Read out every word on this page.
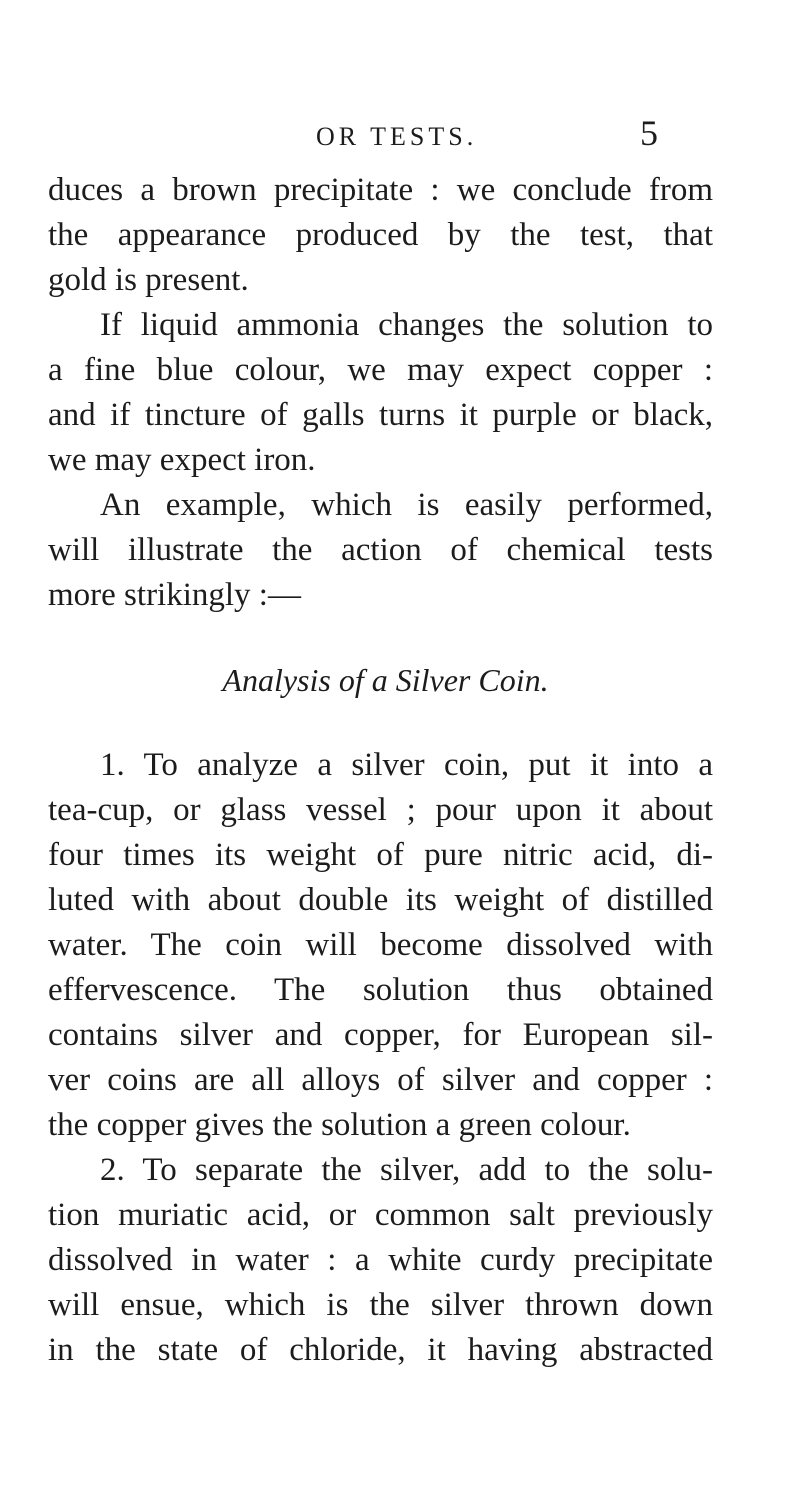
OR TESTS.	5
duces a brown precipitate : we conclude from
the appearance produced by the test, that
gold is present.
If liquid ammonia changes the solution to
a fine blue colour, we may expect copper :
and if tincture of galls turns it purple or black,
we may expect iron.
An example, which is easily performed,
will illustrate the action of chemical tests
more strikingly :—
Analysis of a Silver Coin.
1. To analyze a silver coin, put it into a
tea-cup, or glass vessel ; pour upon it about
four times its weight of pure nitric acid, di-
luted with about double its weight of distilled
water. The coin will become dissolved with
effervescence. The solution thus obtained
contains silver and copper, for European sil-
ver coins are all alloys of silver and copper :
the copper gives the solution a green colour.
2. To separate the silver, add to the solu-
tion muriatic acid, or common salt previously
dissolved in water : a white curdy precipitate
will ensue, which is the silver thrown down
in the state of chloride, it having abstracted
